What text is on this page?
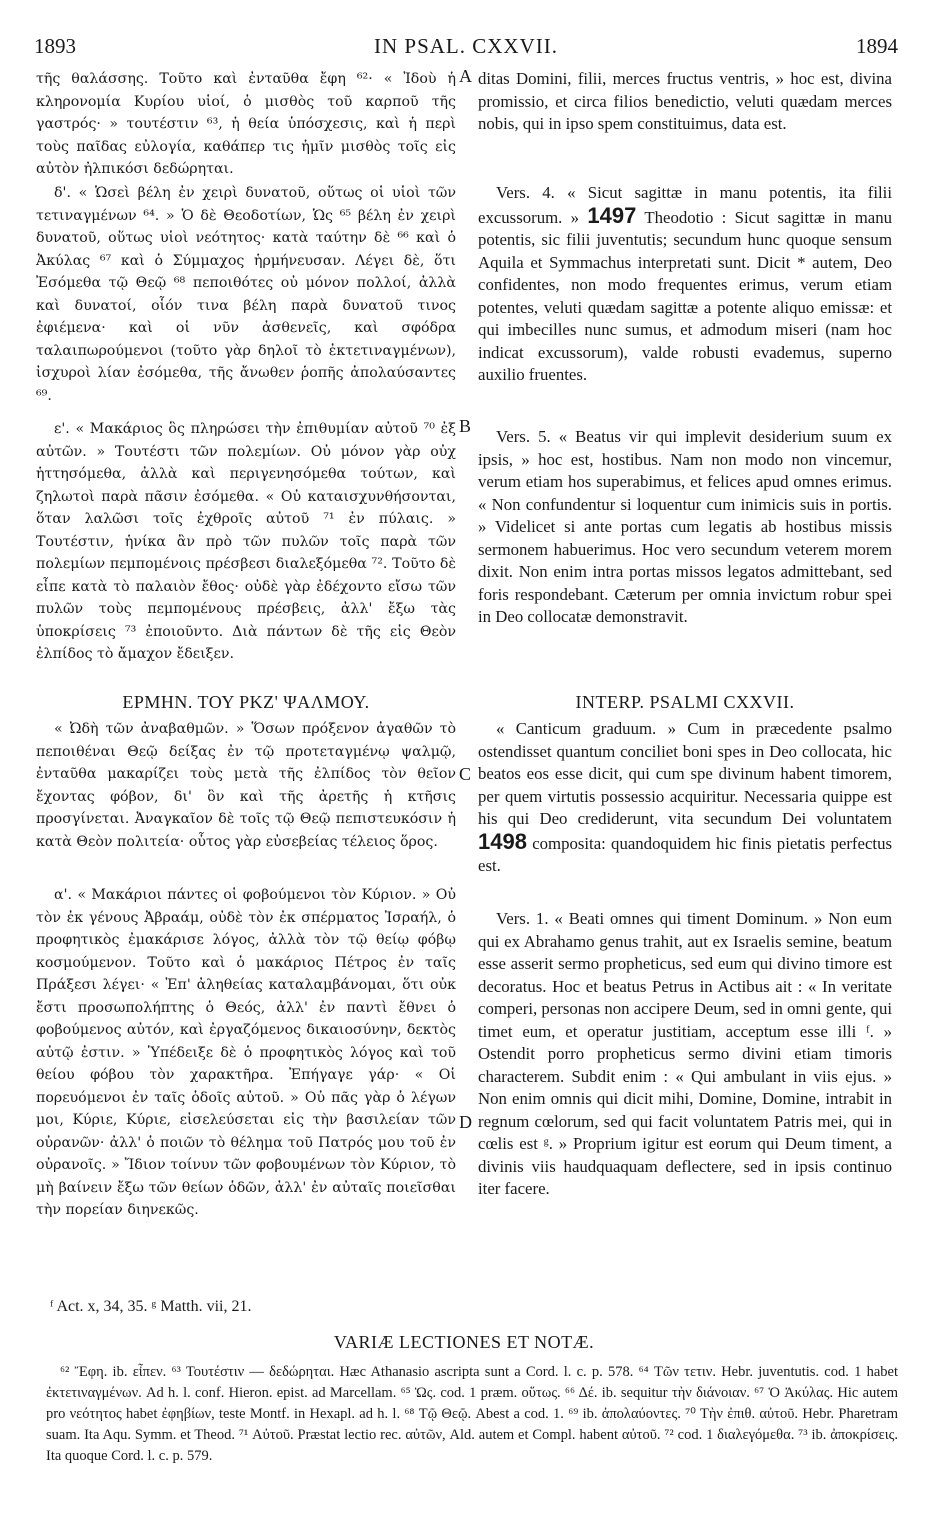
1893	IN PSAL. CXXVII.	1894
A
B
C
D
τῆς θαλάσσης. Τοῦτο καὶ ἐνταῦθα ἔφη ⁶²· « Ἰδοὺ ἡ κληρονομία Κυρίου υἱοί, ὁ μισθὸς τοῦ καρποῦ τῆς γαστρός· » τουτέστιν ⁶³, ἡ θεία ὑπόσχεσις, καὶ ἡ περὶ τοὺς παῖδας εὐλογία, καθάπερ τις ἡμῖν μισθὸς τοῖς εἰς αὐτὸν ἠλπικόσι δεδώρηται.
δ'. « Ὡσεὶ βέλη ἐν χειρὶ δυνατοῦ, οὕτως οἱ υἱοὶ τῶν τετιναγμένων ⁶⁴. » Ὁ δὲ Θεοδοτίων, Ὡς ⁶⁵ βέλη ἐν χειρὶ δυνατοῦ, οὕτως υἱοὶ νεότητος· κατὰ ταύτην δὲ ⁶⁶ καὶ ὁ Ἀκύλας ⁶⁷ καὶ ὁ Σύμμαχος ἡρμήνευσαν. Λέγει δὲ, ὅτι Ἐσόμεθα τῷ Θεῷ ⁶⁸ πεποιθότες οὐ μόνον πολλοί, ἀλλὰ καὶ δυνατοί, οἷόν τινα βέλη παρὰ δυνατοῦ τινος ἐφιέμενα· καὶ οἱ νῦν ἀσθενεῖς, καὶ σφόδρα ταλαιπωρούμενοι (τοῦτο γὰρ δηλοῖ τὸ ἐκτετιναγμένων), ἰσχυροὶ λίαν ἐσόμεθα, τῆς ἄνωθεν ῥοπῆς ἀπολαύσαντες ⁶⁹.
ε'. « Μακάριος ὃς πληρώσει τὴν ἐπιθυμίαν αὐτοῦ ⁷⁰ ἐξ αὐτῶν. » Τουτέστι τῶν πολεμίων. Οὐ μόνον γὰρ οὐχ ἡττησόμεθα, ἀλλὰ καὶ περιγενησόμεθα τούτων, καὶ ζηλωτοὶ παρὰ πᾶσιν ἐσόμεθα. « Οὐ καταισχυνθήσονται, ὅταν λαλῶσι τοῖς ἐχθροῖς αὐτοῦ ⁷¹ ἐν πύλαις. » Τουτέστιν, ἡνίκα ἂν πρὸ τῶν πυλῶν τοῖς παρὰ τῶν πολεμίων πεμπομένοις πρέσβεσι διαλεξόμεθα ⁷². Τοῦτο δὲ εἶπε κατὰ τὸ παλαιὸν ἔθος· οὐδὲ γὰρ ἐδέχοντο εἴσω τῶν πυλῶν τοὺς πεμπομένους πρέσβεις, ἀλλ' ἔξω τὰς ὑποκρίσεις ⁷³ ἐποιοῦντο. Διὰ πάντων δὲ τῆς εἰς Θεὸν ἐλπίδος τὸ ἄμαχον ἔδειξεν.
ΕΡΜΗΝ. ΤΟΥ ΡΚΖ' ΨΑΛΜΟΥ.
« Ὠδὴ τῶν ἀναβαθμῶν. » Ὅσων πρόξενον ἀγαθῶν τὸ πεποιθέναι Θεῷ δείξας ἐν τῷ προτεταγμένῳ ψαλμῷ, ἐνταῦθα μακαρίζει τοὺς μετὰ τῆς ἐλπίδος τὸν θεῖον ἔχοντας φόβον, δι' ὃν καὶ τῆς ἀρετῆς ἡ κτῆσις προσγίνεται. Ἀναγκαῖον δὲ τοῖς τῷ Θεῷ πεπιστευκόσιν ἡ κατὰ Θεὸν πολιτεία· οὗτος γὰρ εὐσεβείας τέλειος ὅρος.
α'. « Μακάριοι πάντες οἱ φοβούμενοι τὸν Κύριον. » Οὐ τὸν ἐκ γένους Ἀβραάμ, οὐδὲ τὸν ἐκ σπέρματος Ἰσραήλ, ὁ προφητικὸς ἐμακάρισε λόγος, ἀλλὰ τὸν τῷ θείῳ φόβῳ κοσμούμενον. Τοῦτο καὶ ὁ μακάριος Πέτρος ἐν ταῖς Πράξεσι λέγει· « Ἐπ' ἀληθείας καταλαμβάνομαι, ὅτι οὐκ ἔστι προσωπολήπτης ὁ Θεός, ἀλλ' ἐν παντὶ ἔθνει ὁ φοβούμενος αὐτόν, καὶ ἐργαζόμενος δικαιοσύνην, δεκτὸς αὐτῷ ἐστιν. » Ὑπέδειξε δὲ ὁ προφητικὸς λόγος καὶ τοῦ θείου φόβου τὸν χαρακτῆρα. Ἐπήγαγε γάρ· « Οἱ πορευόμενοι ἐν ταῖς ὁδοῖς αὐτοῦ. » Οὐ πᾶς γὰρ ὁ λέγων μοι, Κύριε, Κύριε, εἰσελεύσεται εἰς τὴν βασιλείαν τῶν οὐρανῶν· ἀλλ' ὁ ποιῶν τὸ θέλημα τοῦ Πατρός μου τοῦ ἐν οὐρανοῖς. » Ἴδιον τοίνυν τῶν φοβουμένων τὸν Κύριον, τὸ μὴ βαίνειν ἔξω τῶν θείων ὁδῶν, ἀλλ' ἐν αὐταῖς ποιεῖσθαι τὴν πορείαν διηνεκῶς.
ᶠ Act. x, 34, 35. ᵍ Matth. vii, 21.
ditas Domini, filii, merces fructus ventris, » hoc est, divina promissio, et circa filios benedictio, veluti quædam merces nobis, qui in ipso spem constituimus, data est.
Vers. 4. « Sicut sagittæ in manu potentis, ita filii excussorum. » 1497 Theodotio : Sicut sagittæ in manu potentis, sic filii juventutis; secundum hunc quoque sensum Aquila et Symmachus interpretati sunt. Dicit * autem, Deo confidentes, non modo frequentes erimus, verum etiam potentes, veluti quædam sagittæ a potente aliquo emissæ: et qui imbecilles nunc sumus, et admodum miseri (nam hoc indicat excussorum), valde robusti evademus, superno auxilio fruentes.
Vers. 5. « Beatus vir qui implevit desiderium suum ex ipsis, » hoc est, hostibus. Nam non modo non vincemur, verum etiam hos superabimus, et felices apud omnes erimus. « Non confundentur si loquentur cum inimicis suis in portis. » Videlicet si ante portas cum legatis ab hostibus missis sermonem habuerimus. Hoc vero secundum veterem morem dixit. Non enim intra portas missos legatos admittebant, sed foris respondebant. Cæterum per omnia invictum robur spei in Deo collocatæ demonstravit.
INTERP. PSALMI CXXVII.
« Canticum graduum. » Cum in præcedente psalmo ostendisset quantum conciliet boni spes in Deo collocata, hic beatos eos esse dicit, qui cum spe divinum habent timorem, per quem virtutis possessio acquiritur. Necessaria quippe est his qui Deo crediderunt, vita secundum Dei voluntatem 1498 composita: quandoquidem hic finis pietatis perfectus est.
Vers. 1. « Beati omnes qui timent Dominum. » Non eum qui ex Abrahamo genus trahit, aut ex Israelis semine, beatum esse asserit sermo propheticus, sed eum qui divino timore est decoratus. Hoc et beatus Petrus in Actibus ait : « In veritate comperi, personas non accipere Deum, sed in omni gente, qui timet eum, et operatur justitiam, acceptum esse illi ᶠ. » Ostendit porro propheticus sermo divini etiam timoris characterem. Subdit enim : « Qui ambulant in viis ejus. » Non enim omnis qui dicit mihi, Domine, Domine, intrabit in regnum cœlorum, sed qui facit voluntatem Patris mei, qui in cœlis est ᵍ. » Proprium igitur est eorum qui Deum timent, a divinis viis haudquaquam deflectere, sed in ipsis continuo iter facere.
VARIÆ LECTIONES ET NOTÆ.
⁶² Ἔφη. ib. εἶπεν. ⁶³ Τουτέστιν — δεδώρηται. Hæc Athanasio ascripta sunt a Cord. l. c. p. 578. ⁶⁴ Τῶν τετιν. Hebr. juventutis. cod. 1 habet ἐκτετιναγμένων. Ad h. l. conf. Hieron. epist. ad Marcellam. ⁶⁵ Ὡς. cod. 1 præm. οὕτως. ⁶⁶ Δέ. ib. sequitur τὴν διάνοιαν. ⁶⁷ Ὁ Ἀκύλας. Hic autem pro νεότητος habet ἐφηβίων, teste Montf. in Hexapl. ad h. l. ⁶⁸ Τῷ Θεῷ. Abest a cod. 1. ⁶⁹ ib. ἀπολαύοντες. ⁷⁰ Τὴν ἐπιθ. αὐτοῦ. Hebr. Pharetram suam. Ita Aqu. Symm. et Theod. ⁷¹ Αὐτοῦ. Præstat lectio rec. αὐτῶν, Ald. autem et Compl. habent αὐτοῦ. ⁷² cod. 1 διαλεγόμεθα. ⁷³ ib. ἀποκρίσεις. Ita quoque Cord. l. c. p. 579.
